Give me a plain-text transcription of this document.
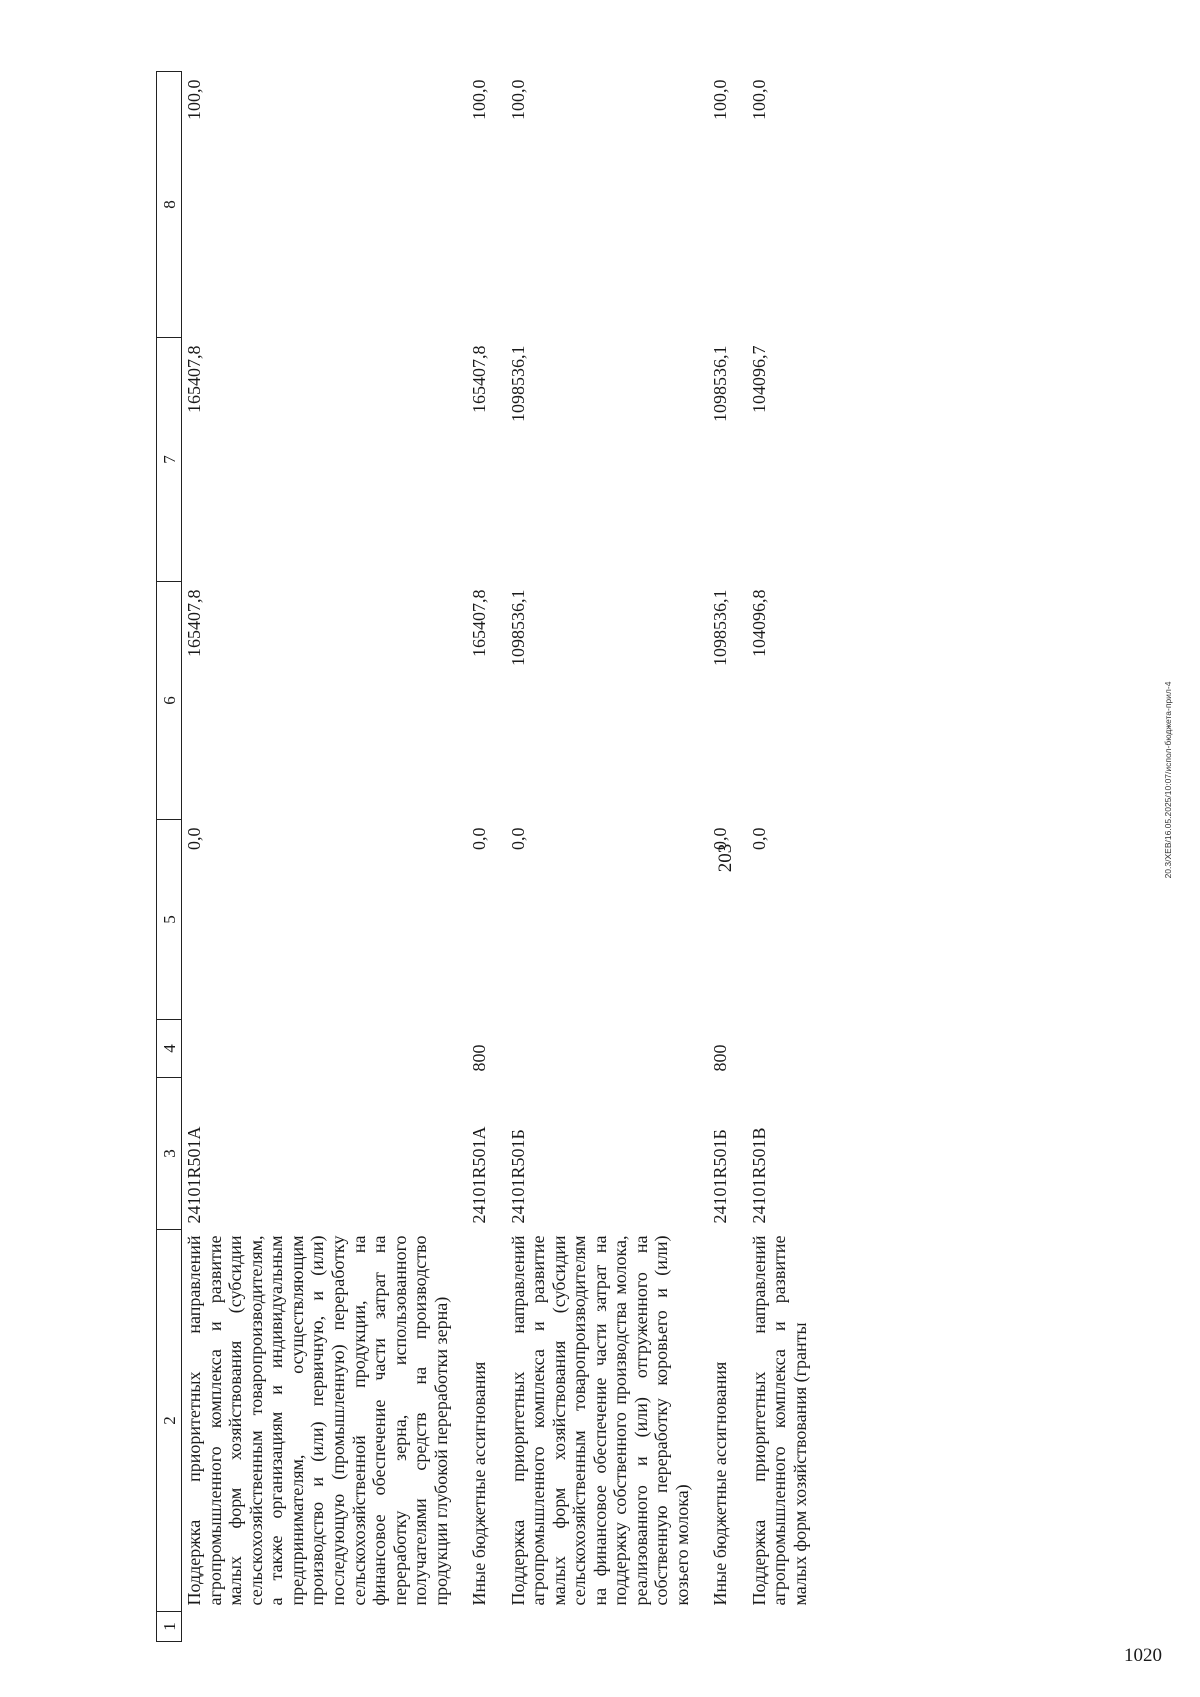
203
1	2	3	4	5	6	7	8
	Поддержка приоритетных направлений агропромышленного комплекса и развитие малых форм хозяйствования (субсидии сельскохозяйственным товаропроизводителям, а также организациям и индивидуальным предпринимателям, осуществляющим производство и (или) первичную, и (или) последующую (промышленную) переработку сельскохозяйственной продукции, на финансовое обеспечение части затрат на переработку зерна, использованного получателями средств на производство продукции глубокой переработки зерна)	24101R501А		0,0	165407,8	165407,8	100,0
	Иные бюджетные ассигнования	24101R501А	800	0,0	165407,8	165407,8	100,0
	Поддержка приоритетных направлений агропромышленного комплекса и развитие малых форм хозяйствования (субсидии сельскохозяйственным товаропроизводителям на финансовое обеспечение части затрат на поддержку собственного производства молока, реализованного и (или) отгруженного на собственную переработку коровьего и (или) козьего молока)	24101R501Б		0,0	1098536,1	1098536,1	100,0
	Иные бюджетные ассигнования	24101R501Б	800	0,0	1098536,1	1098536,1	100,0
	Поддержка приоритетных направлений агропромышленного комплекса и развитие малых форм хозяйствования (гранты	24101R501В		0,0	104096,8	104096,7	100,0
20.3/ХЕВ/16.05.2025/10:07/испол-бюджета-прил-4
1020
